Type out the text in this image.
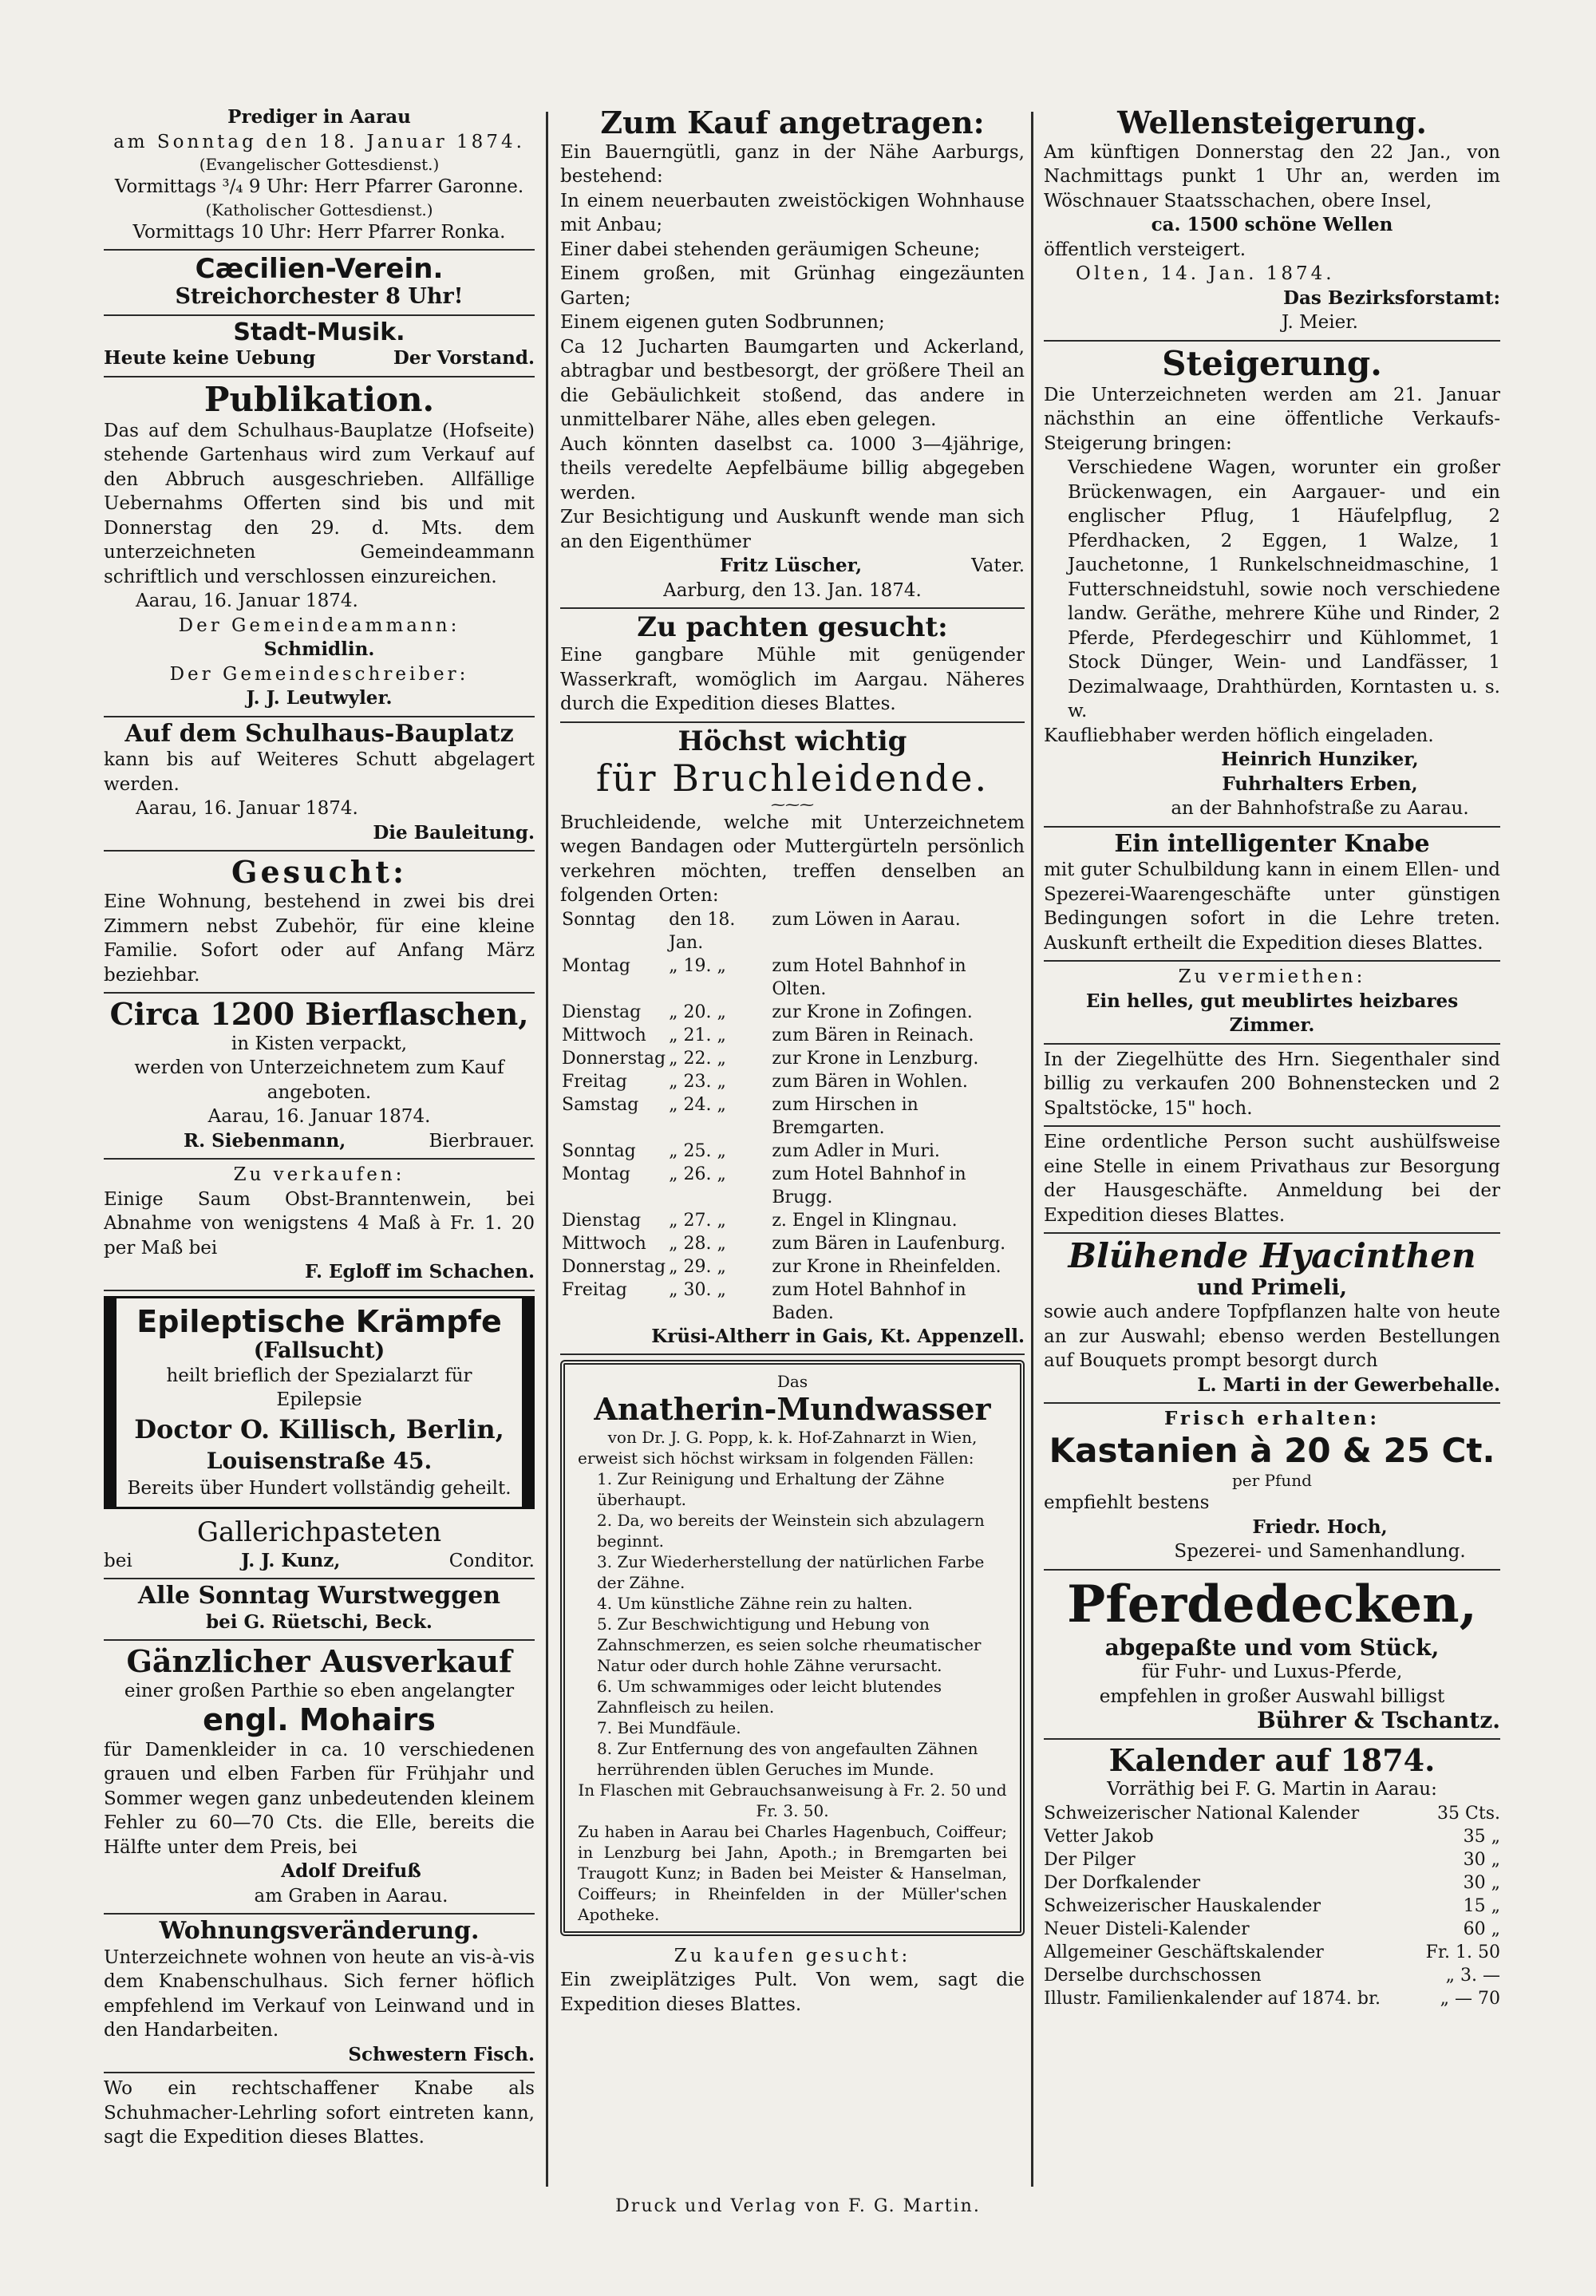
Prediger in Aarau

am Sonntag den 18. Januar 1874.

(Evangelischer Gottesdienst.)

Vormittags ³/₄ 9 Uhr: Herr Pfarrer Garonne.

(Katholischer Gottesdienst.)

Vormittags 10 Uhr: Herr Pfarrer Ronka.

Cæcilien-Verein.

Streichorchester 8 Uhr!

Stadt-Musik.

Heute keine Uebung	Der Vorstand.

Publikation.

Das auf dem Schulhaus-Bauplatze (Hofseite) stehende Gartenhaus wird zum Verkauf auf den Abbruch ausgeschrieben. Allfällige Uebernahms Offerten sind bis und mit Donnerstag den 29. d. Mts. dem unterzeichneten Gemeindeammann schriftlich und verschlossen einzureichen.

Aarau, 16. Januar 1874.

Der Gemeindeammann:

Schmidlin.

Der Gemeindeschreiber:

J. J. Leutwyler.

Auf dem Schulhaus-Bauplatz

kann bis auf Weiteres Schutt abgelagert werden.

Aarau, 16. Januar 1874.

Die Bauleitung.

Gesucht:

Eine Wohnung, bestehend in zwei bis drei Zimmern nebst Zubehör, für eine kleine Familie. Sofort oder auf Anfang März beziehbar.

Circa 1200 Bierflaschen,

in Kisten verpackt,

werden von Unterzeichnetem zum Kauf angeboten.

Aarau, 16. Januar 1874.

R. Siebenmann,	Bierbrauer.

Zu verkaufen:

Einige Saum Obst-Branntenwein, bei Abnahme von wenigstens 4 Maß à Fr. 1. 20 per Maß bei

F. Egloff im Schachen.

Epileptische Krämpfe

(Fallsucht)

heilt brieflich der Spezialarzt für Epilepsie

Doctor O. Killisch, Berlin,

Louisenstraße 45.

Bereits über Hundert vollständig geheilt.

Gallerichpasteten

bei	J. J. Kunz,	Conditor.

Alle Sonntag Wurstweggen

bei G. Rüetschi, Beck.

Gänzlicher Ausverkauf

einer großen Parthie so eben angelangter

engl. Mohairs

für Damenkleider in ca. 10 verschiedenen grauen und elben Farben für Frühjahr und Sommer wegen ganz unbedeutenden kleinem Fehler zu 60—70 Cts. die Elle, bereits die Hälfte unter dem Preis, bei

Adolf Dreifuß

am Graben in Aarau.

Wohnungsveränderung.

Unterzeichnete wohnen von heute an vis-à-vis dem Knabenschulhaus. Sich ferner höflich empfehlend im Verkauf von Leinwand und in den Handarbeiten.

Schwestern Fisch.

Wo ein rechtschaffener Knabe als Schuhmacher-Lehrling sofort eintreten kann, sagt die Expedition dieses Blattes.

Zum Kauf angetragen:

Ein Bauerngütli, ganz in der Nähe Aarburgs, bestehend:

In einem neuerbauten zweistöckigen Wohnhause mit Anbau;

Einer dabei stehenden geräumigen Scheune;

Einem großen, mit Grünhag eingezäunten Garten;

Einem eigenen guten Sodbrunnen;

Ca 12 Jucharten Baumgarten und Ackerland, abtragbar und bestbesorgt, der größere Theil an die Gebäulichkeit stoßend, das andere in unmittelbarer Nähe, alles eben gelegen.

Auch könnten daselbst ca. 1000 3—4jährige, theils veredelte Aepfelbäume billig abgegeben werden.

Zur Besichtigung und Auskunft wende man sich an den Eigenthümer

Fritz Lüscher,	Vater.

Aarburg, den 13. Jan. 1874.

Zu pachten gesucht:

Eine gangbare Mühle mit genügender Wasserkraft, womöglich im Aargau. Näheres durch die Expedition dieses Blattes.

Höchst wichtig

für Bruchleidende.

⁓⁓⁓

Bruchleidende, welche mit Unterzeichnetem wegen Bandagen oder Muttergürteln persönlich verkehren möchten, treffen denselben an folgenden Orten:

Sonntag	den 18. Jan.	zum Löwen in Aarau.
Montag	„ 19. „	zum Hotel Bahnhof in Olten.
Dienstag	„ 20. „	zur Krone in Zofingen.
Mittwoch	„ 21. „	zum Bären in Reinach.
Donnerstag	„ 22. „	zur Krone in Lenzburg.
Freitag	„ 23. „	zum Bären in Wohlen.
Samstag	„ 24. „	zum Hirschen in Bremgarten.
Sonntag	„ 25. „	zum Adler in Muri.
Montag	„ 26. „	zum Hotel Bahnhof in Brugg.
Dienstag	„ 27. „	z. Engel in Klingnau.
Mittwoch	„ 28. „	zum Bären in Laufenburg.
Donnerstag	„ 29. „	zur Krone in Rheinfelden.
Freitag	„ 30. „	zum Hotel Bahnhof in Baden.

Krüsi-Altherr in Gais, Kt. Appenzell.

Das

Anatherin-Mundwasser

von Dr. J. G. Popp, k. k. Hof-Zahnarzt in Wien,

erweist sich höchst wirksam in folgenden Fällen:

1. Zur Reinigung und Erhaltung der Zähne überhaupt.

2. Da, wo bereits der Weinstein sich abzulagern beginnt.

3. Zur Wiederherstellung der natürlichen Farbe der Zähne.

4. Um künstliche Zähne rein zu halten.

5. Zur Beschwichtigung und Hebung von Zahnschmerzen, es seien solche rheumatischer Natur oder durch hohle Zähne verursacht.

6. Um schwammiges oder leicht blutendes Zahnfleisch zu heilen.

7. Bei Mundfäule.

8. Zur Entfernung des von angefaulten Zähnen herrührenden üblen Geruches im Munde.

In Flaschen mit Gebrauchsanweisung à Fr. 2. 50 und Fr. 3. 50.

Zu haben in Aarau bei Charles Hagenbuch, Coiffeur; in Lenzburg bei Jahn, Apoth.; in Bremgarten bei Traugott Kunz; in Baden bei Meister & Hanselman, Coiffeurs; in Rheinfelden in der Müller'schen Apotheke.

Zu kaufen gesucht:

Ein zweiplätziges Pult. Von wem, sagt die Expedition dieses Blattes.

Wellensteigerung.

Am künftigen Donnerstag den 22 Jan., von Nachmittags punkt 1 Uhr an, werden im Wöschnauer Staatsschachen, obere Insel,

ca. 1500 schöne Wellen

öffentlich versteigert.

Olten, 14. Jan. 1874.

Das Bezirksforstamt:

J. Meier.

Steigerung.

Die Unterzeichneten werden am 21. Januar nächsthin an eine öffentliche Verkaufs-Steigerung bringen:

Verschiedene Wagen, worunter ein großer Brückenwagen, ein Aargauer- und ein englischer Pflug, 1 Häufelpflug, 2 Pferdhacken, 2 Eggen, 1 Walze, 1 Jauchetonne, 1 Runkelschneidmaschine, 1 Futterschneidstuhl, sowie noch verschiedene landw. Geräthe, mehrere Kühe und Rinder, 2 Pferde, Pferdegeschirr und Kühlommet, 1 Stock Dünger, Wein- und Landfässer, 1 Dezimalwaage, Drahthürden, Korntasten u. s. w.

Kaufliebhaber werden höflich eingeladen.

Heinrich Hunziker,

Fuhrhalters Erben,

an der Bahnhofstraße zu Aarau.

Ein intelligenter Knabe

mit guter Schulbildung kann in einem Ellen- und Spezerei-Waarengeschäfte unter günstigen Bedingungen sofort in die Lehre treten. Auskunft ertheilt die Expedition dieses Blattes.

Zu vermiethen:

Ein helles, gut meublirtes heizbares Zimmer.

In der Ziegelhütte des Hrn. Siegenthaler sind billig zu verkaufen 200 Bohnenstecken und 2 Spaltstöcke, 15" hoch.

Eine ordentliche Person sucht aushülfsweise eine Stelle in einem Privathaus zur Besorgung der Hausgeschäfte. Anmeldung bei der Expedition dieses Blattes.

Blühende Hyacinthen

und Primeli,

sowie auch andere Topfpflanzen halte von heute an zur Auswahl; ebenso werden Bestellungen auf Bouquets prompt besorgt durch

L. Marti in der Gewerbehalle.

Frisch erhalten:

Kastanien à 20 & 25 Ct.

per Pfund

empfiehlt bestens

Friedr. Hoch,

Spezerei- und Samenhandlung.

Pferdedecken,

abgepaßte und vom Stück,

für Fuhr- und Luxus-Pferde,

empfehlen in großer Auswahl billigst

Bührer & Tschantz.

Kalender auf 1874.

Vorräthig bei F. G. Martin in Aarau:

Schweizerischer National Kalender	35 Cts.
Vetter Jakob	35 „
Der Pilger	30 „
Der Dorfkalender	30 „
Schweizerischer Hauskalender	15 „
Neuer Disteli-Kalender	60 „
Allgemeiner Geschäftskalender	Fr. 1. 50
Derselbe durchschossen	„ 3. —
Illustr. Familienkalender auf 1874. br.	„ — 70
Druck und Verlag von F. G. Martin.
